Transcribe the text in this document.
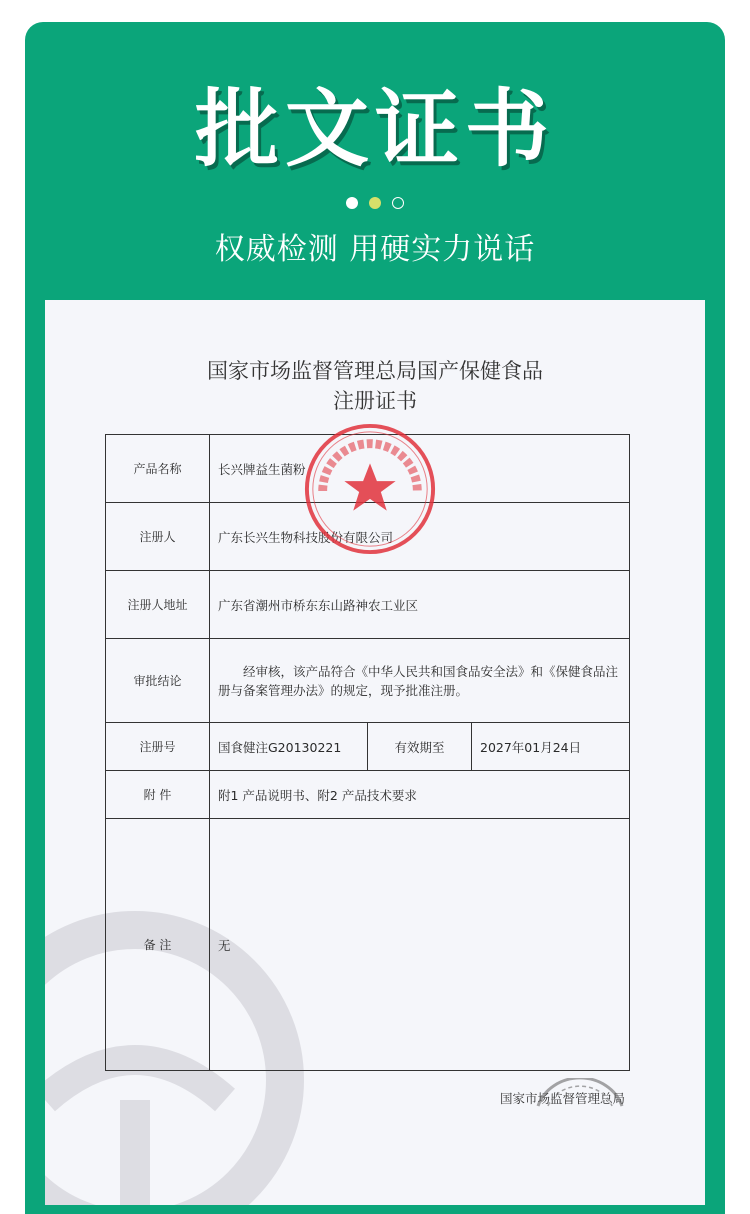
批文证书
权威检测 用硬实力说话
国家市场监督管理总局国产保健食品
注册证书
产品名称	长兴牌益生菌粉		
注册人	广东长兴生物科技股份有限公司		
注册人地址	广东省潮州市桥东东山路神农工业区		
审批结论	经审核，该产品符合《中华人民共和国食品安全法》和《保健食品注册与备案管理办法》的规定，现予批准注册。		
注册号	国食健注G20130221	有效期至	2027年01月24日
附 件	附1 产品说明书、附2 产品技术要求		
备 注	无		
国家市场监督管理总局
